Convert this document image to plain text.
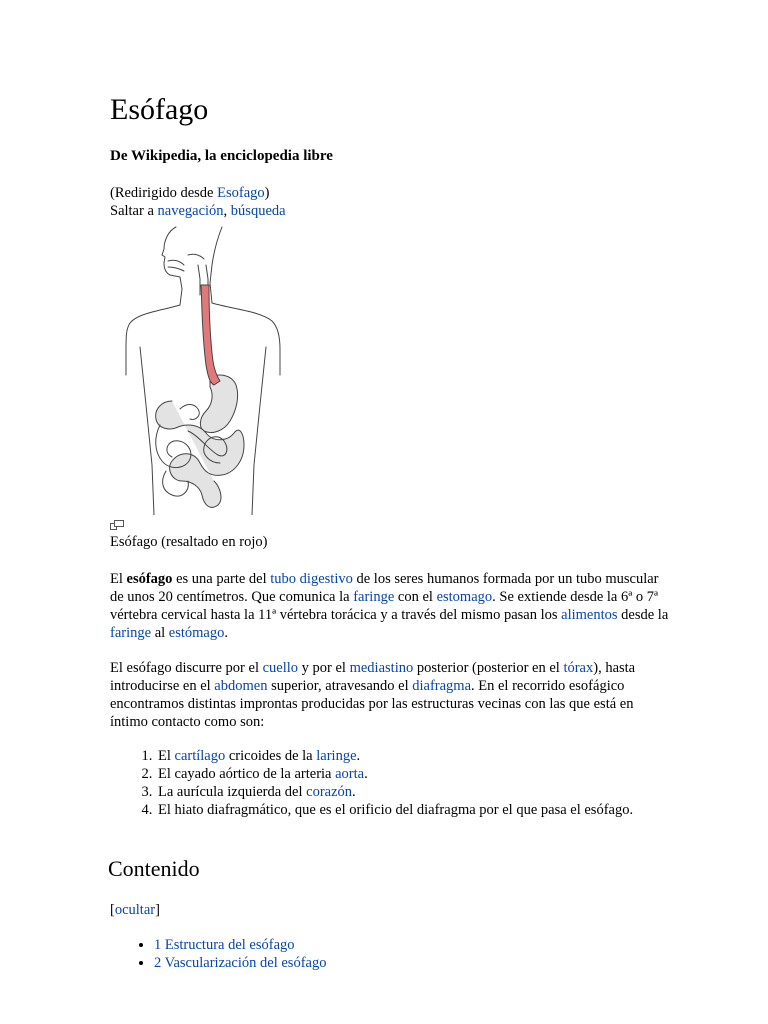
Esófago
De Wikipedia, la enciclopedia libre
(Redirigido desde Esofago)
Saltar a navegación, búsqueda
Esófago (resaltado en rojo)

El esófago es una parte del tubo digestivo de los seres humanos formada por un tubo muscular de unos 20 centímetros. Que comunica la faringe con el estomago. Se extiende desde la 6ª o 7ª vértebra cervical hasta la 11ª vértebra torácica y a través del mismo pasan los alimentos desde la faringe al estómago.

El esófago discurre por el cuello y por el mediastino posterior (posterior en el tórax), hasta introducirse en el abdomen superior, atravesando el diafragma. En el recorrido esofágico encontramos distintas improntas producidas por las estructuras vecinas con las que está en íntimo contacto como son:

1. El cartílago cricoides de la laringe.
2. El cayado aórtico de la arteria aorta.
3. La aurícula izquierda del corazón.
4. El hiato diafragmático, que es el orificio del diafragma por el que pasa el esófago.
Contenido
[ocultar]
• 1 Estructura del esófago
• 2 Vascularización del esófago
